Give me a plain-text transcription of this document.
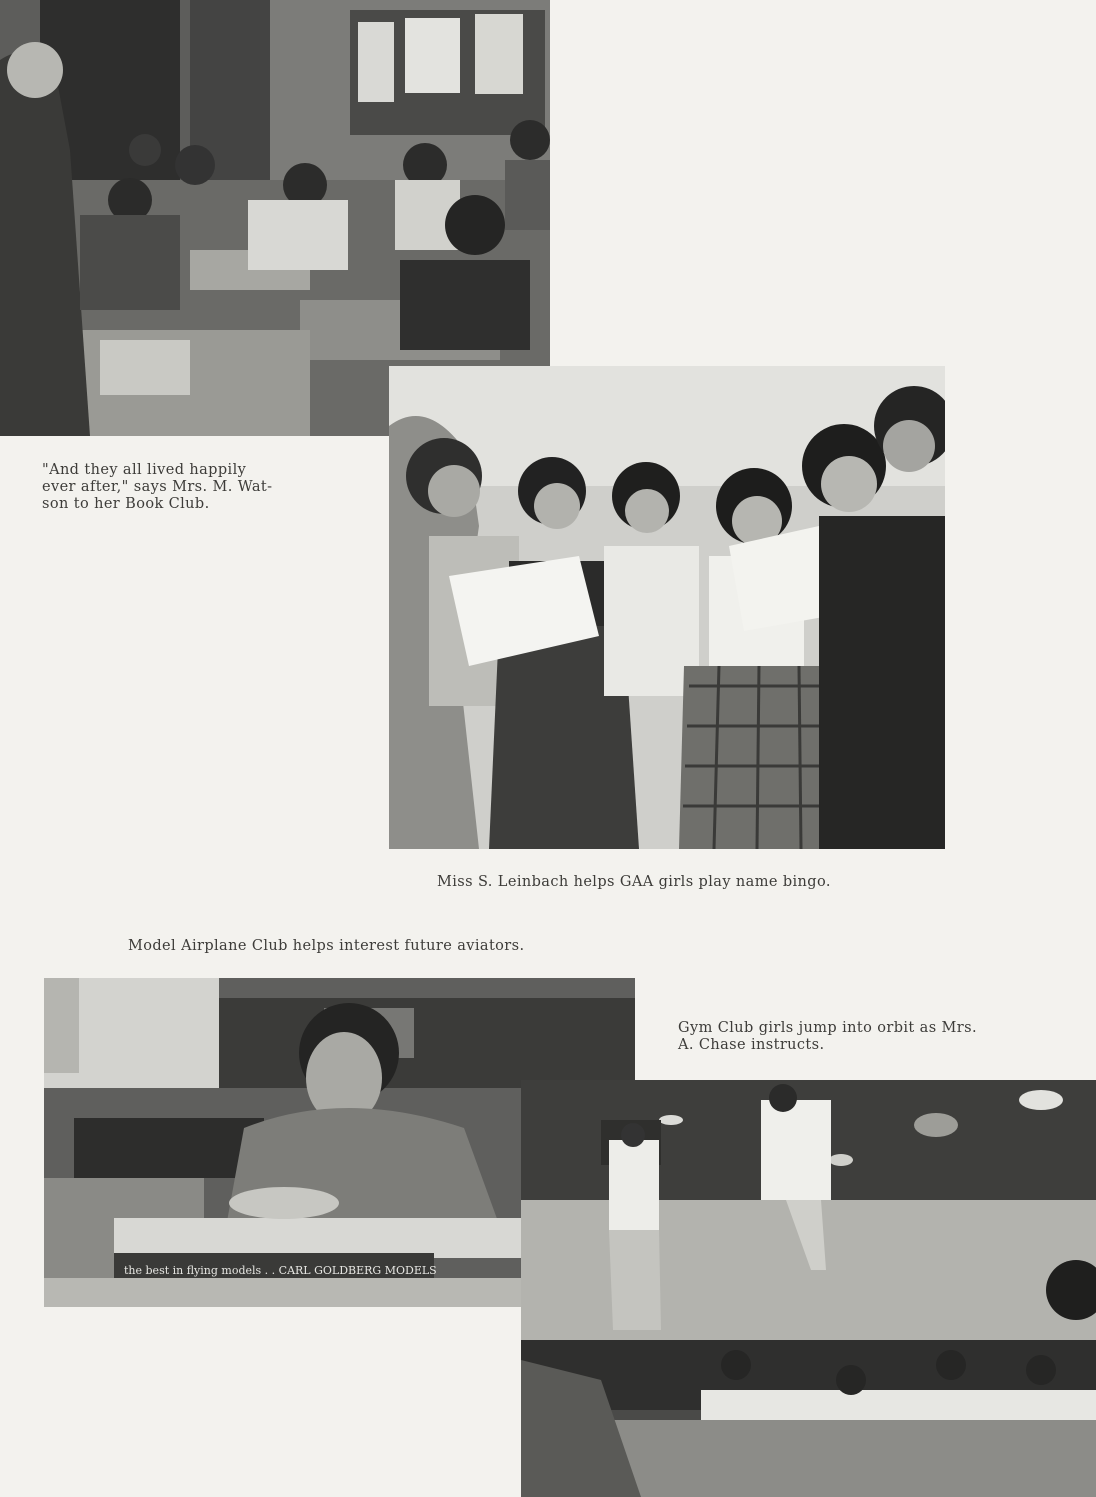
the best in flying models . . CARL GOLDBERG MODELS

"And they all lived happily
ever after," says Mrs. M. Wat-
son to her Book Club.

Miss S. Leinbach helps GAA girls play name bingo.

Model Airplane Club helps interest future aviators.

Gym Club girls jump into orbit as Mrs.
A. Chase instructs.
